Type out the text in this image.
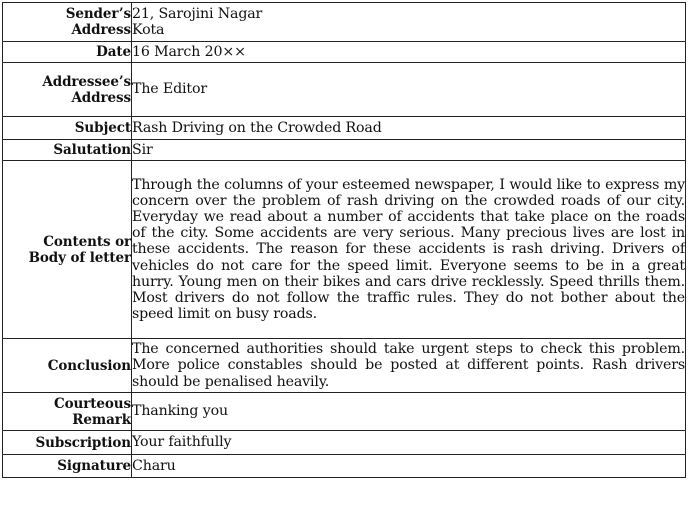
Sender’s
Address	21, Sarojini Nagar
Kota

Date	16 March 20××

Addressee’s
Address	The Editor
Subject	Rash Driving on the Crowded Road
Salutation	Sir

Contents or
Body of letter	Through the columns of your esteemed newspaper, I would like to express my concern over the problem of rash driving on the crowded roads of our city. Everyday we read about a number of accidents that take place on the roads of the city. Some accidents are very serious. Many precious lives are lost in these accidents. The reason for these accidents is rash driving. Drivers of vehicles do not care for the speed limit. Everyone seems to be in a great hurry. Young men on their bikes and cars drive recklessly. Speed thrills them. Most drivers do not follow the traffic rules. They do not bother about the speed limit on busy roads.
Conclusion	The concerned authorities should take urgent steps to check this problem. More police constables should be posted at different points. Rash drivers should be penalised heavily.

Courteous
Remark	Thanking you
Subscription	Your faithfully
Signature	Charu
